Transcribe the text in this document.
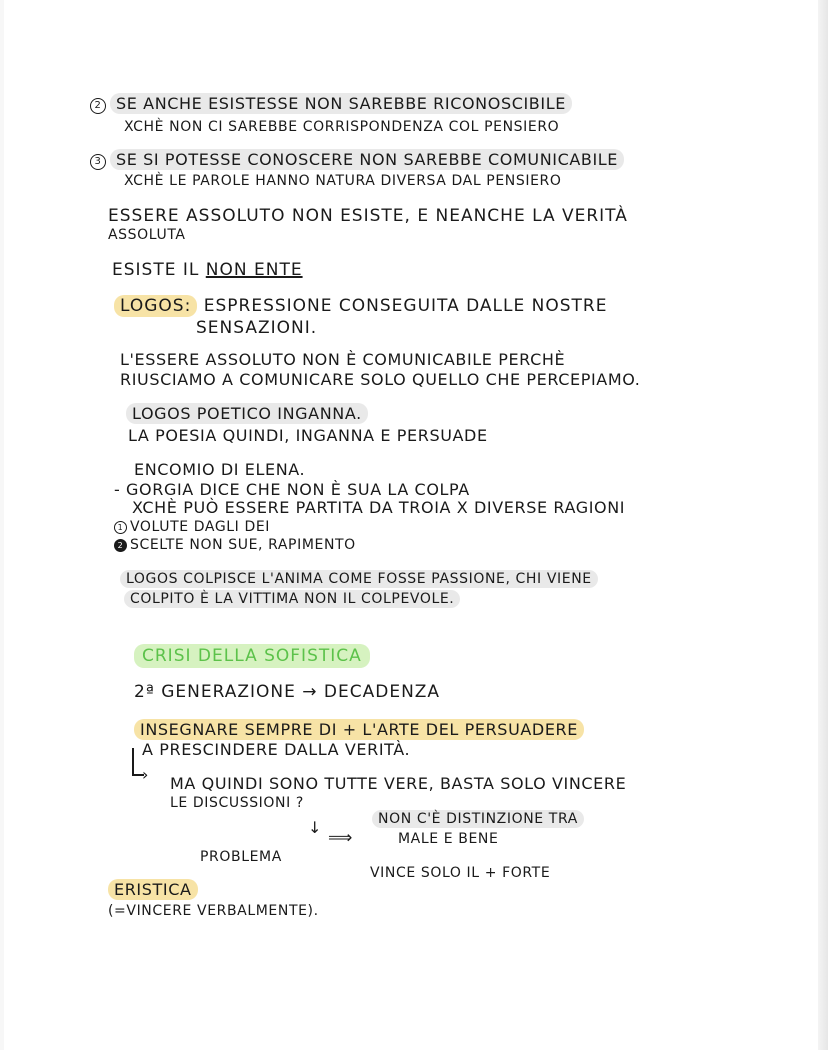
2 SE ANCHE ESISTESSE NON SAREBBE RICONOSCIBILE
XCHÈ NON CI SAREBBE CORRISPONDENZA COL PENSIERO
3 SE SI POTESSE CONOSCERE NON SAREBBE COMUNICABILE
XCHÈ LE PAROLE HANNO NATURA DIVERSA DAL PENSIERO
ESSERE ASSOLUTO NON ESISTE, E NEANCHE LA VERITÀ
ASSOLUTA
ESISTE IL NON ENTE
LOGOS: ESPRESSIONE CONSEGUITA DALLE NOSTRE
SENSAZIONI.
L'ESSERE ASSOLUTO NON È COMUNICABILE PERCHÈ
RIUSCIAMO A COMUNICARE SOLO QUELLO CHE PERCEPIAMO.
LOGOS POETICO INGANNA.
LA POESIA QUINDI, INGANNA E PERSUADE
ENCOMIO DI ELENA.
- GORGIA DICE CHE NON È SUA LA COLPA
XCHÈ PUÒ ESSERE PARTITA DA TROIA X DIVERSE RAGIONI
1 VOLUTE DAGLI DEI
2 SCELTE NON SUE, RAPIMENTO
LOGOS COLPISCE L'ANIMA COME FOSSE PASSIONE, CHI VIENE
COLPITO È LA VITTIMA NON IL COLPEVOLE.
CRISI DELLA SOFISTICA
2ª GENERAZIONE → DECADENZA
INSEGNARE SEMPRE DI + L'ARTE DEL PERSUADERE
A PRESCINDERE DALLA VERITÀ.
› MA QUINDI SONO TUTTE VERE, BASTA SOLO VINCERE
LE DISCUSSIONI ?
↓
PROBLEMA
⟹
NON C'È DISTINZIONE TRA
MALE E BENE
VINCE SOLO IL + FORTE
ERISTICA
(=VINCERE VERBALMENTE).
